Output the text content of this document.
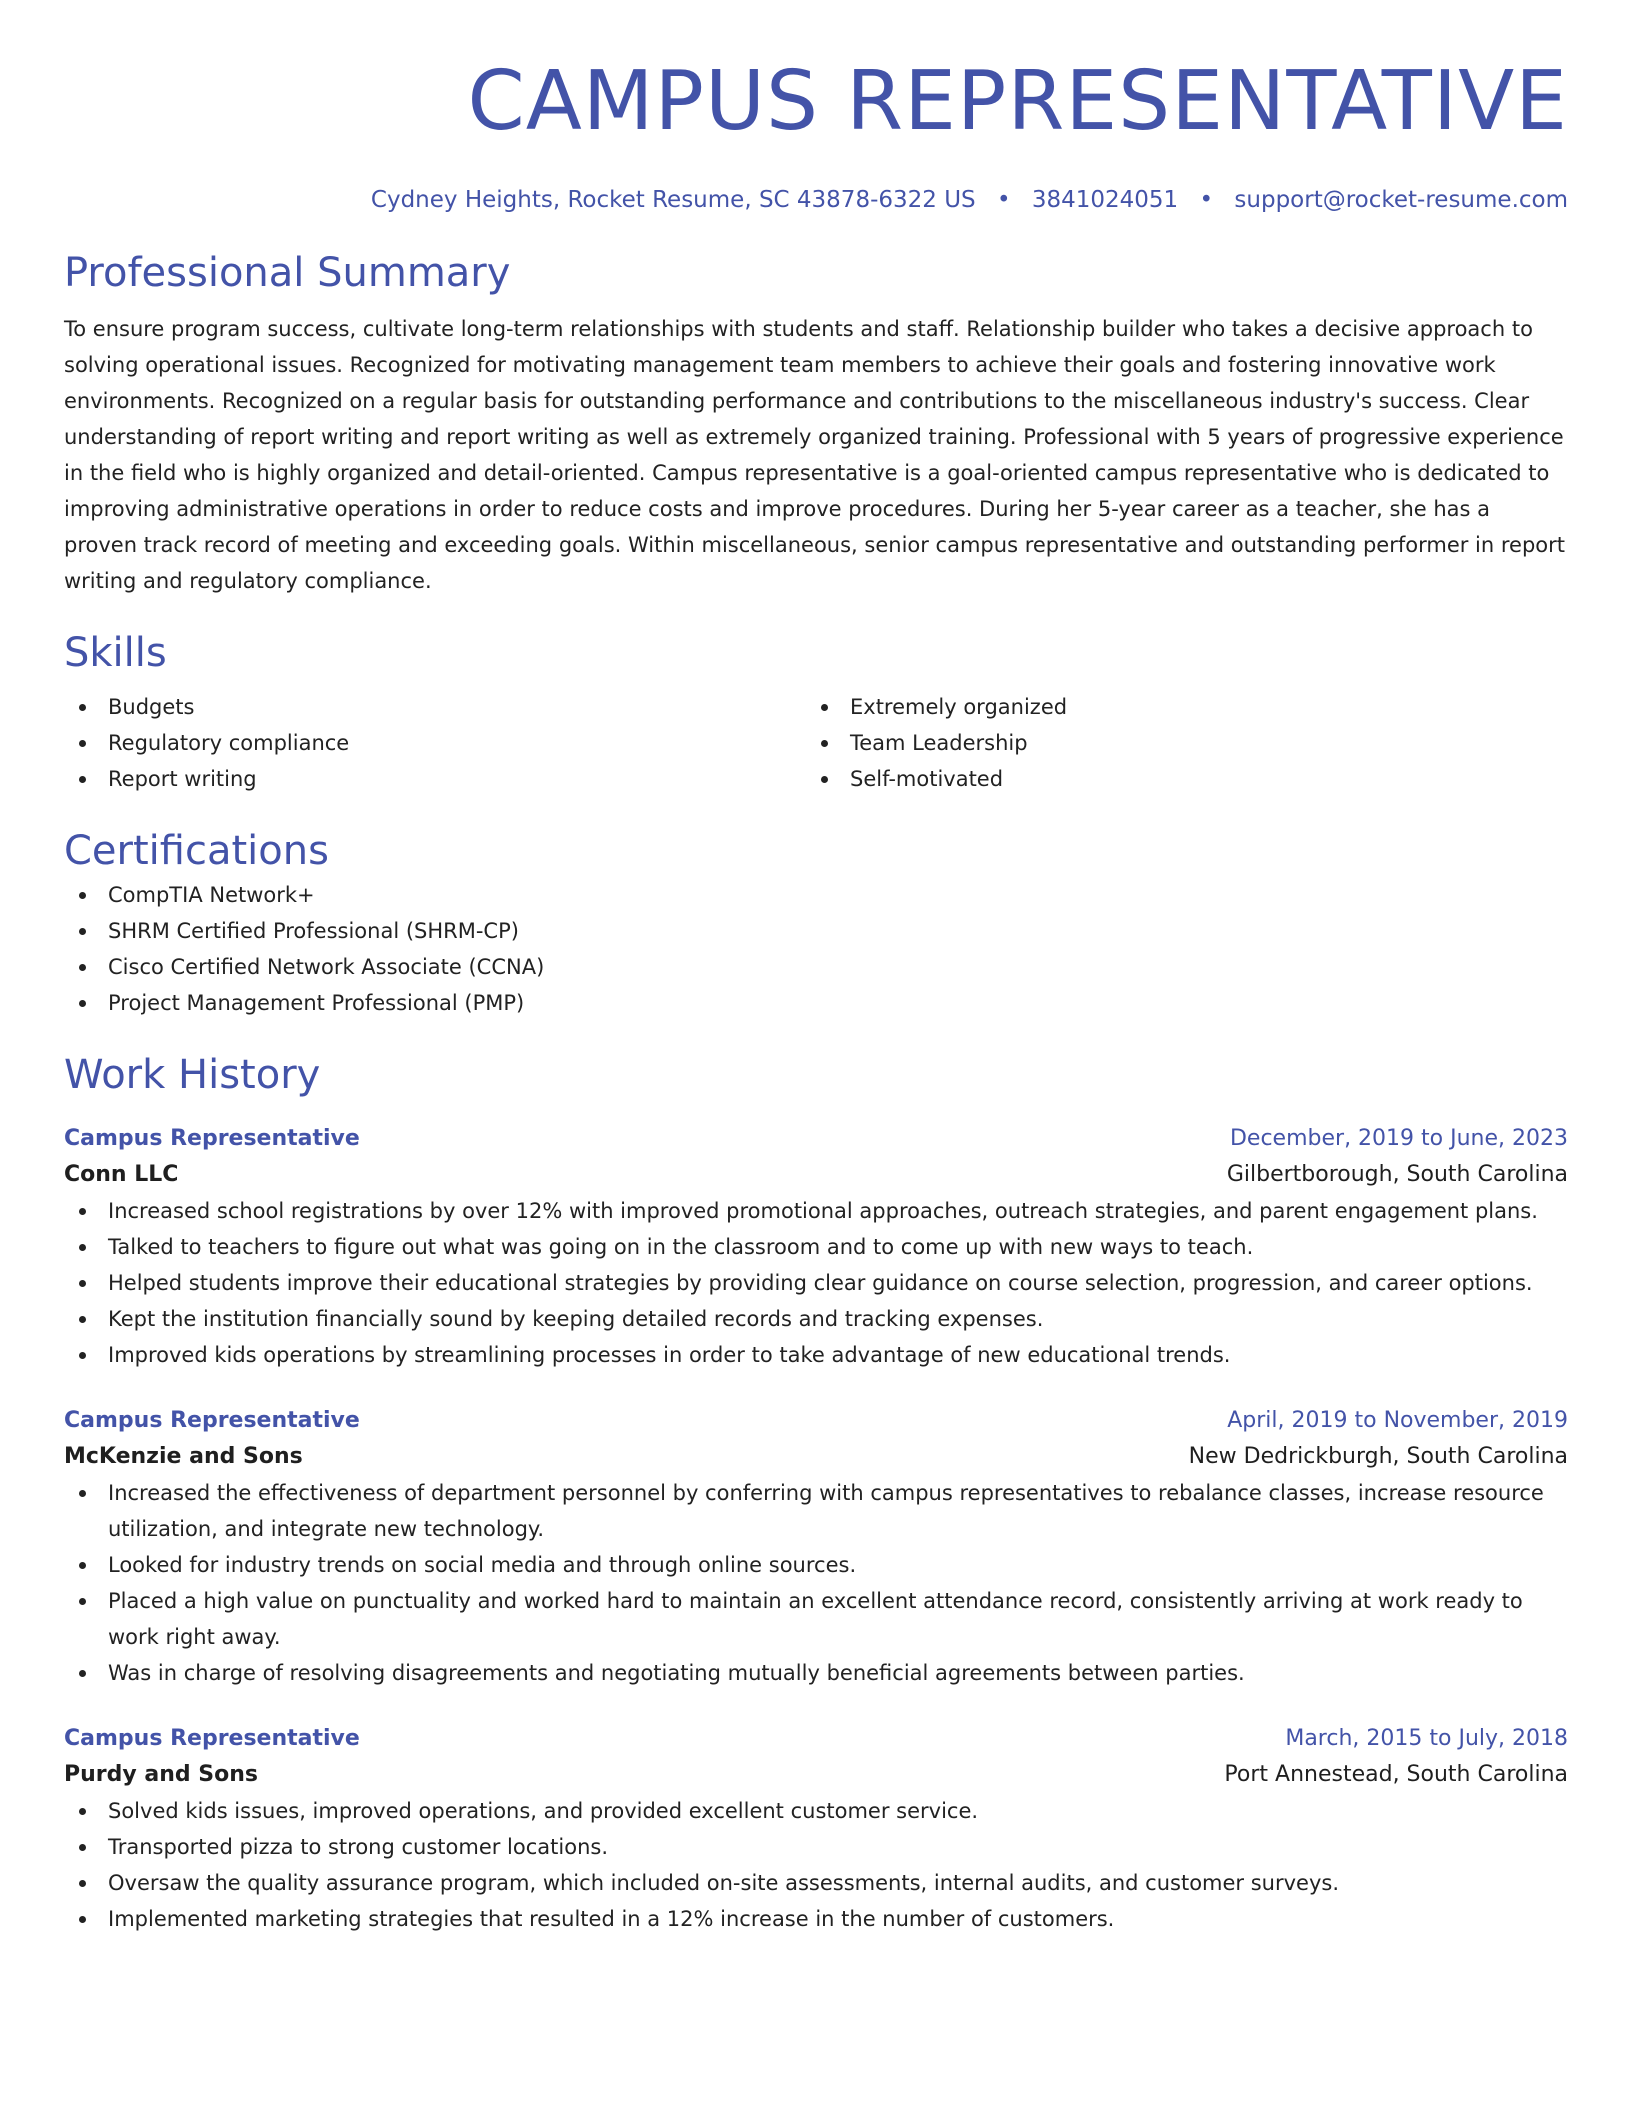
CAMPUS REPRESENTATIVE
Cydney Heights, Rocket Resume, SC 43878-6322 US • 3841024051 • support@rocket-resume.com
Professional Summary

To ensure program success, cultivate long-term relationships with students and staff. Relationship builder who takes a decisive approach to solving operational issues. Recognized for motivating management team members to achieve their goals and fostering innovative work environments. Recognized on a regular basis for outstanding performance and contributions to the miscellaneous industry's success. Clear understanding of report writing and report writing as well as extremely organized training. Professional with 5 years of progressive experience in the field who is highly organized and detail-oriented. Campus representative is a goal-oriented campus representative who is dedicated to improving administrative operations in order to reduce costs and improve procedures. During her 5-year career as a teacher, she has a proven track record of meeting and exceeding goals. Within miscellaneous, senior campus representative and outstanding performer in report writing and regulatory compliance.

Skills
Budgets
Regulatory compliance
Report writing
Extremely organized
Team Leadership
Self-motivated
Certifications
CompTIA Network+
SHRM Certified Professional (SHRM-CP)
Cisco Certified Network Associate (CCNA)
Project Management Professional (PMP)
Work History
Campus Representative	December, 2019 to June, 2023
Conn LLC	Gilbertborough, South Carolina
Increased school registrations by over 12% with improved promotional approaches, outreach strategies, and parent engagement plans.
Talked to teachers to figure out what was going on in the classroom and to come up with new ways to teach.
Helped students improve their educational strategies by providing clear guidance on course selection, progression, and career options.
Kept the institution financially sound by keeping detailed records and tracking expenses.
Improved kids operations by streamlining processes in order to take advantage of new educational trends.
Campus Representative	April, 2019 to November, 2019
McKenzie and Sons	New Dedrickburgh, South Carolina
Increased the effectiveness of department personnel by conferring with campus representatives to rebalance classes, increase resource utilization, and integrate new technology.
Looked for industry trends on social media and through online sources.
Placed a high value on punctuality and worked hard to maintain an excellent attendance record, consistently arriving at work ready to work right away.
Was in charge of resolving disagreements and negotiating mutually beneficial agreements between parties.
Campus Representative	March, 2015 to July, 2018
Purdy and Sons	Port Annestead, South Carolina
Solved kids issues, improved operations, and provided excellent customer service.
Transported pizza to strong customer locations.
Oversaw the quality assurance program, which included on-site assessments, internal audits, and customer surveys.
Implemented marketing strategies that resulted in a 12% increase in the number of customers.
